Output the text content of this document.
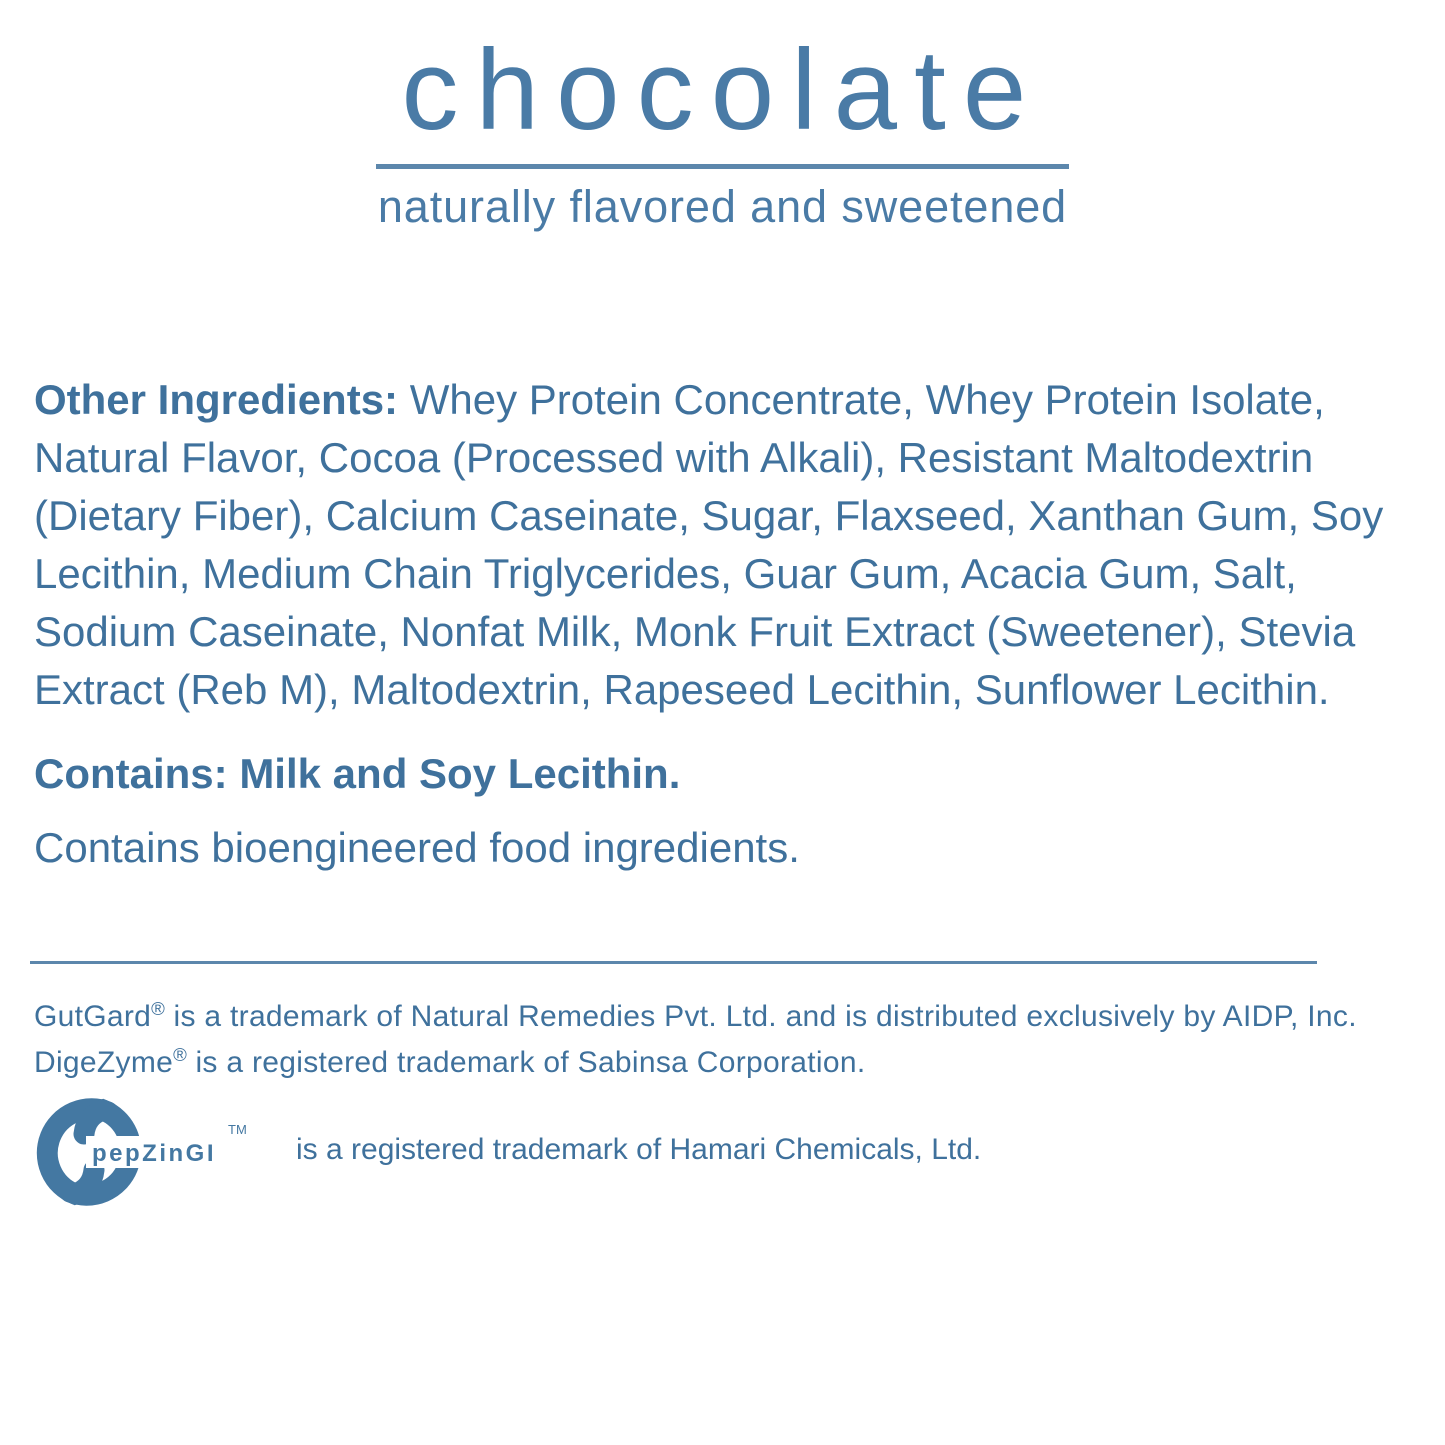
chocolate
naturally flavored and sweetened

Other Ingredients: Whey Protein Concentrate, Whey Protein Isolate, Natural Flavor, Cocoa (Processed with Alkali), Resistant Maltodextrin (Dietary Fiber), Calcium Caseinate, Sugar, Flaxseed, Xanthan Gum, Soy Lecithin, Medium Chain Triglycerides, Guar Gum, Acacia Gum, Salt, Sodium Caseinate, Nonfat Milk, Monk Fruit Extract (Sweetener), Stevia Extract (Reb M), Maltodextrin, Rapeseed Lecithin, Sunflower Lecithin.

Contains: Milk and Soy Lecithin.

Contains bioengineered food ingredients.

GutGard® is a trademark of Natural Remedies Pvt. Ltd. and is distributed exclusively by AIDP, Inc.

DigeZyme® is a registered trademark of Sabinsa Corporation.

pepZinGI
TM
is a registered trademark of Hamari Chemicals, Ltd.
